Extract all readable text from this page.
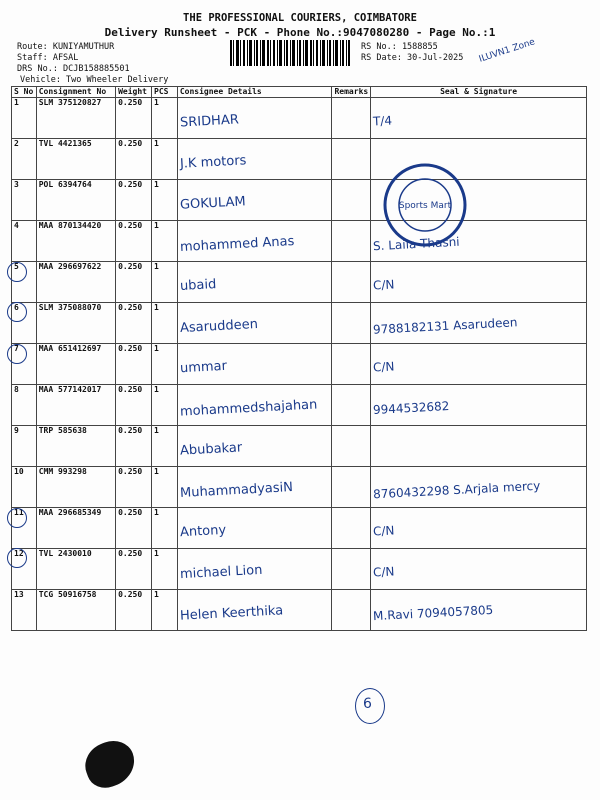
THE PROFESSIONAL COURIERS, COIMBATORE
Delivery Runsheet - PCK - Phone No.:9047080280 - Page No.:1
Route: KUNIYAMUTHUR
Staff: AFSAL
DRS No.: DCJB158885501
Vehicle: Two Wheeler Delivery
RS No.: 1588855
RS Date: 30-Jul-2025 ILUVN1 Zone
S No	Consignment No	Weight	PCS	Consignee Details	Remarks	Seal & Signature
1	SLM 375120827	0.250	1	SRIDHAR		T/4
2	TVL 4421365	0.250	1	J.K motors		
3	POL 6394764	0.250	1	GOKULAM		
4	MAA 870134420	0.250	1	mohammed Anas		S. Laila Thasni
5	MAA 296697622	0.250	1	ubaid		C/N
6	SLM 375088070	0.250	1	Asaruddeen		9788182131 Asarudeen
7	MAA 651412697	0.250	1	ummar		C/N
8	MAA 577142017	0.250	1	mohammedshajahan		9944532682
9	TRP 585638	0.250	1	Abubakar		
10	CMM 993298	0.250	1	MuhammadyasiN		8760432298 S.Arjala mercy
11	MAA 296685349	0.250	1	Antony		C/N
12	TVL 2430010	0.250	1	michael Lion		C/N
13	TCG 50916758	0.250	1	Helen Keerthika		M.Ravi 7094057805
Sports Mart
6
